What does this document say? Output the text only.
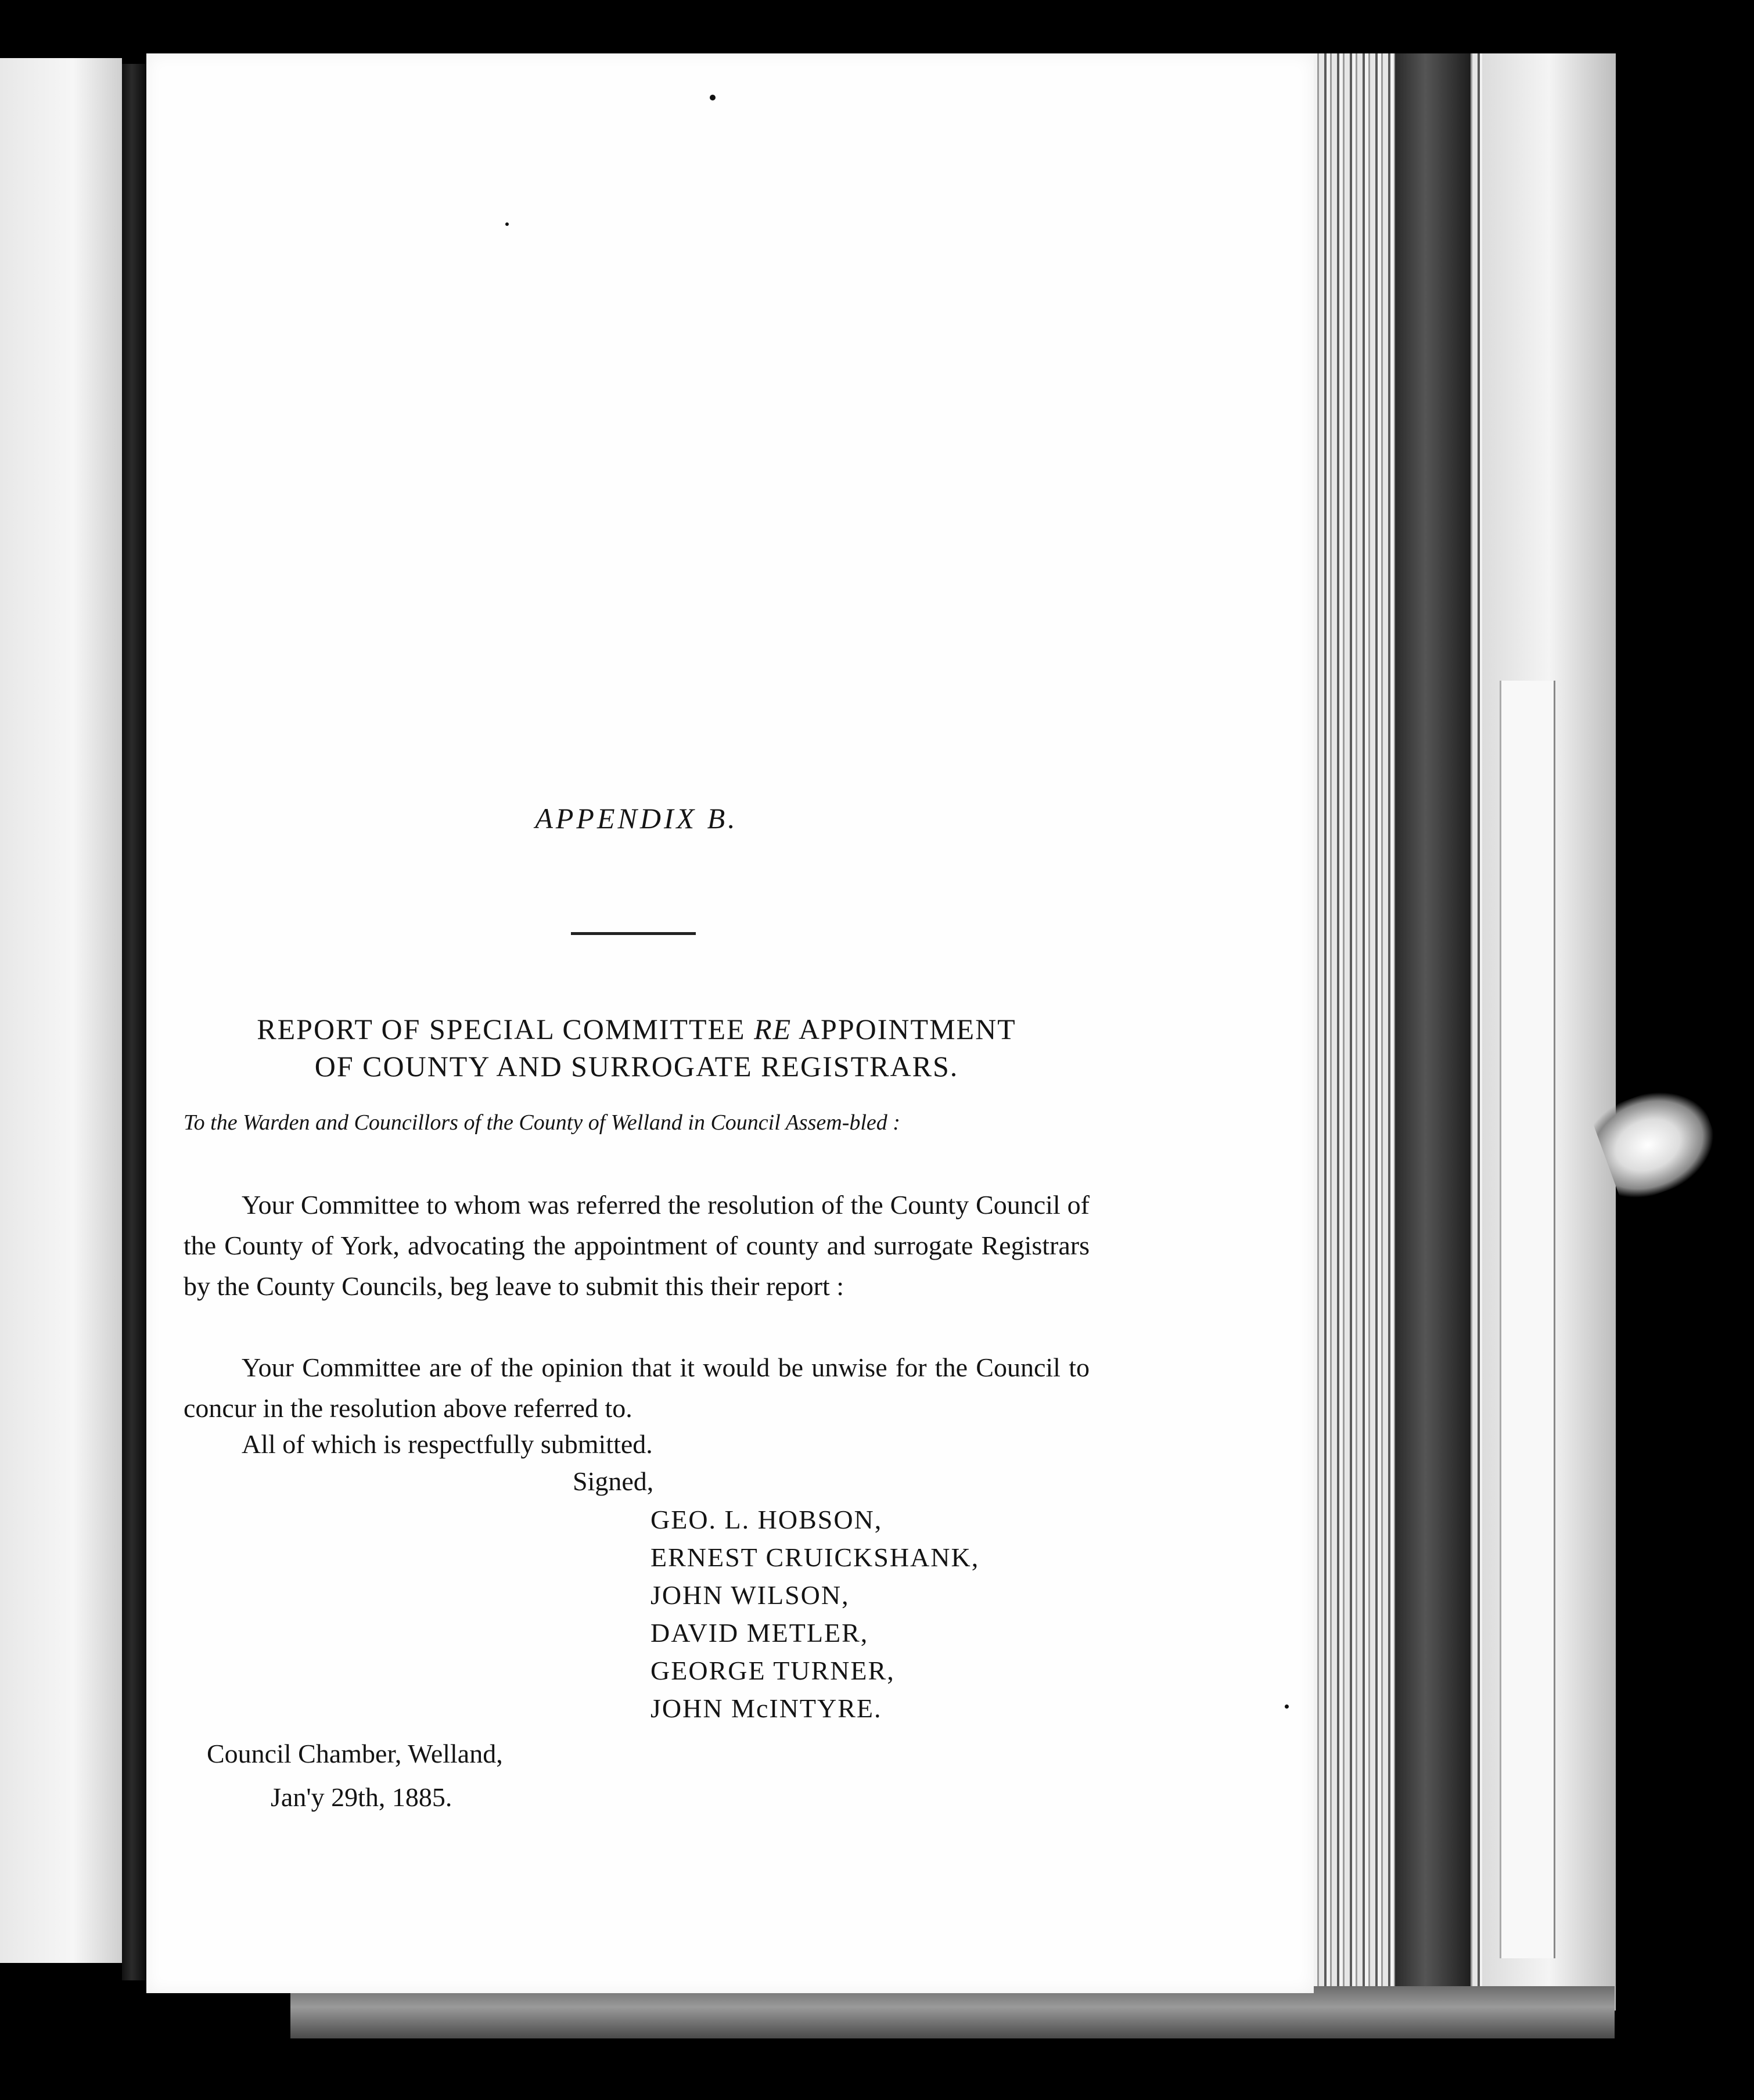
APPENDIX B.
REPORT OF SPECIAL COMMITTEE RE APPOINTMENT
OF COUNTY AND SURROGATE REGISTRARS.
To the Warden and Councillors of the County of Welland in Council Assem-bled :
Your Committee to whom was referred the resolution of the County Council of the County of York, advocating the appointment of county and surrogate Registrars by the County Councils, beg leave to submit this their report :
Your Committee are of the opinion that it would be unwise for the Council to concur in the resolution above referred to.
All of which is respectfully submitted.
Signed,
GEO. L. HOBSON,
ERNEST CRUICKSHANK,
JOHN WILSON,
DAVID METLER,
GEORGE TURNER,
JOHN McINTYRE.
Council Chamber, Welland,
Jan'y 29th, 1885.
